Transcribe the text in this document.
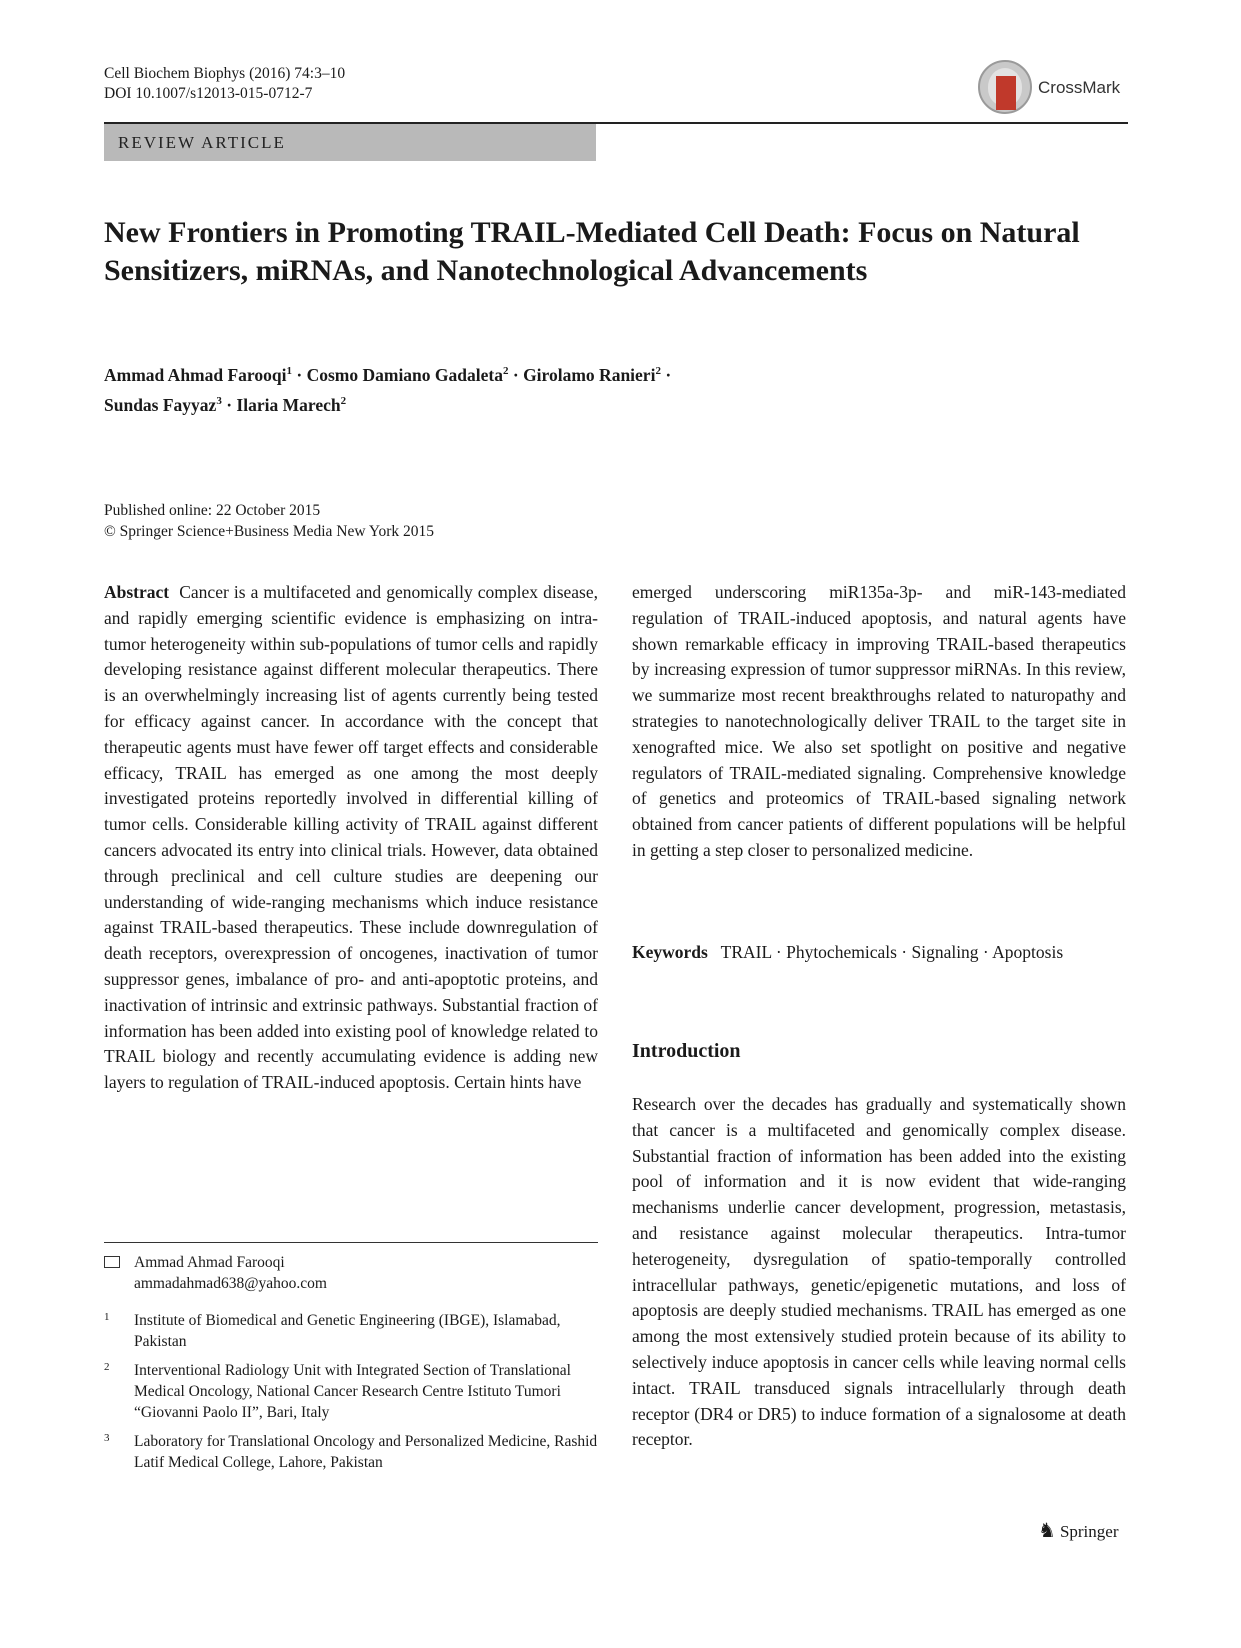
Cell Biochem Biophys (2016) 74:3–10
DOI 10.1007/s12013-015-0712-7	CrossMark
REVIEW ARTICLE
New Frontiers in Promoting TRAIL-Mediated Cell Death: Focus on Natural Sensitizers, miRNAs, and Nanotechnological Advancements
Ammad Ahmad Farooqi$^1$ · Cosmo Damiano Gadaleta$^2$ · Girolamo Ranieri$^2$ ·
Sundas Fayyaz$^3$ · Ilaria Marech$^2$
Published online: 22 October 2015
© Springer Science+Business Media New York 2015
Abstract Cancer is a multifaceted and genomically complex disease, and rapidly emerging scientific evidence is emphasizing on intra-tumor heterogeneity within sub-populations of tumor cells and rapidly developing resistance against different molecular therapeutics. There is an overwhelmingly increasing list of agents currently being tested for efficacy against cancer. In accordance with the concept that therapeutic agents must have fewer off target effects and considerable efficacy, TRAIL has emerged as one among the most deeply investigated proteins reportedly involved in differential killing of tumor cells. Considerable killing activity of TRAIL against different cancers advocated its entry into clinical trials. However, data obtained through preclinical and cell culture studies are deepening our understanding of wide-ranging mechanisms which induce resistance against TRAIL-based therapeutics. These include downregulation of death receptors, overexpression of oncogenes, inactivation of tumor suppressor genes, imbalance of pro- and anti-apoptotic proteins, and inactivation of intrinsic and extrinsic pathways. Substantial fraction of information has been added into existing pool of knowledge related to TRAIL biology and recently accumulating evidence is adding new layers to regulation of TRAIL-induced apoptosis. Certain hints have
emerged underscoring miR135a-3p- and miR-143-mediated regulation of TRAIL-induced apoptosis, and natural agents have shown remarkable efficacy in improving TRAIL-based therapeutics by increasing expression of tumor suppressor miRNAs. In this review, we summarize most recent breakthroughs related to naturopathy and strategies to nanotechnologically deliver TRAIL to the target site in xenografted mice. We also set spotlight on positive and negative regulators of TRAIL-mediated signaling. Comprehensive knowledge of genetics and proteomics of TRAIL-based signaling network obtained from cancer patients of different populations will be helpful in getting a step closer to personalized medicine.
Keywords TRAIL · Phytochemicals · Signaling · Apoptosis
Introduction
Research over the decades has gradually and systematically shown that cancer is a multifaceted and genomically complex disease. Substantial fraction of information has been added into the existing pool of information and it is now evident that wide-ranging mechanisms underlie cancer development, progression, metastasis, and resistance against molecular therapeutics. Intra-tumor heterogeneity, dysregulation of spatio-temporally controlled intracellular pathways, genetic/epigenetic mutations, and loss of apoptosis are deeply studied mechanisms. TRAIL has emerged as one among the most extensively studied protein because of its ability to selectively induce apoptosis in cancer cells while leaving normal cells intact. TRAIL transduced signals intracellularly through death receptor (DR4 or DR5) to induce formation of a signalosome at death receptor.
Ammad Ahmad Farooqi
ammadahmad638@yahoo.com
1 Institute of Biomedical and Genetic Engineering (IBGE), Islamabad, Pakistan
2 Interventional Radiology Unit with Integrated Section of Translational Medical Oncology, National Cancer Research Centre Istituto Tumori “Giovanni Paolo II”, Bari, Italy
3 Laboratory for Translational Oncology and Personalized Medicine, Rashid Latif Medical College, Lahore, Pakistan
♞ Springer
